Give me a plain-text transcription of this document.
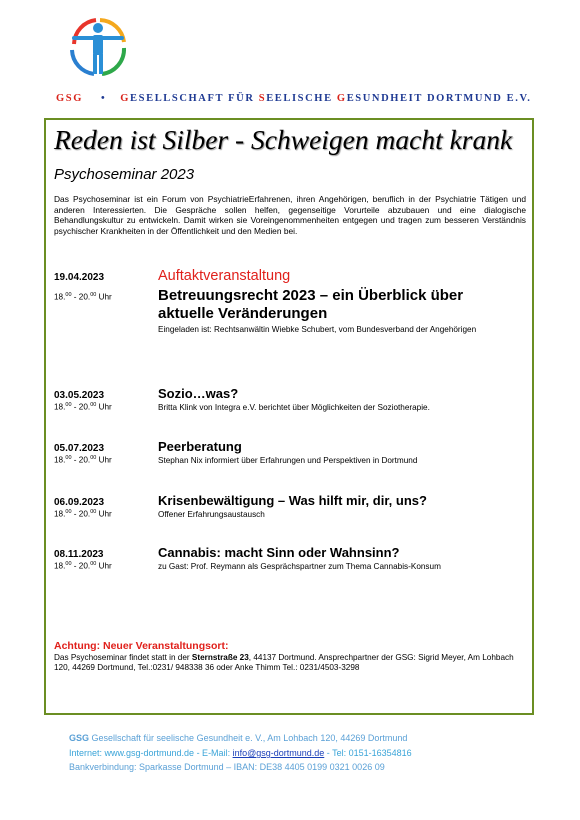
GSG • GESELLSCHAFT FÜR SEELISCHE GESUNDHEIT DORTMUND E.V.
Reden ist Silber - Schweigen macht krank
Psychoseminar 2023
Das Psychoseminar ist ein Forum von PsychiatrieErfahrenen, ihren Angehörigen, beruflich in der Psychiatrie Tätigen und anderen Interessierten. Die Gespräche sollen helfen, gegenseitige Vorurteile abzubauen und eine dialogische Behandlungskultur zu entwickeln. Damit wirken sie Voreingenommenheiten entgegen und tragen zum besseren Verständnis psychischer Krankheiten in der Öffentlichkeit und den Medien bei.
19.04.2023
18.00 - 20.00 Uhr
Auftaktveranstaltung
Betreuungsrecht 2023 – ein Überblick über
aktuelle Veränderungen
Eingeladen ist: Rechtsanwältin Wiebke Schubert, vom Bundesverband der Angehörigen
03.05.2023
18.00 - 20.00 Uhr
Sozio…was?
Britta Klink von Integra e.V. berichtet über Möglichkeiten der Soziotherapie.
05.07.2023
18.00 - 20.00 Uhr
Peerberatung
Stephan Nix informiert über Erfahrungen und Perspektiven in Dortmund
06.09.2023
18.00 - 20.00 Uhr
Krisenbewältigung – Was hilft mir, dir, uns?
Offener Erfahrungsaustausch
08.11.2023
18.00 - 20.00 Uhr
Cannabis: macht Sinn oder Wahnsinn?
zu Gast: Prof. Reymann als Gesprächspartner zum Thema Cannabis-Konsum
Achtung: Neuer Veranstaltungsort:
Das Psychoseminar findet statt in der Sternstraße 23, 44137 Dortmund. Ansprechpartner der GSG: Sigrid Meyer, Am Lohbach 120, 44269 Dortmund, Tel.:0231/ 948338 36 oder Anke Thimm Tel.: 0231/4503-3298
GSG Gesellschaft für seelische Gesundheit e. V., Am Lohbach 120, 44269 Dortmund
Internet: www.gsg-dortmund.de - E-Mail: info@gsg-dortmund.de - Tel: 0151-16354816
Bankverbindung: Sparkasse Dortmund – IBAN: DE38 4405 0199 0321 0026 09
